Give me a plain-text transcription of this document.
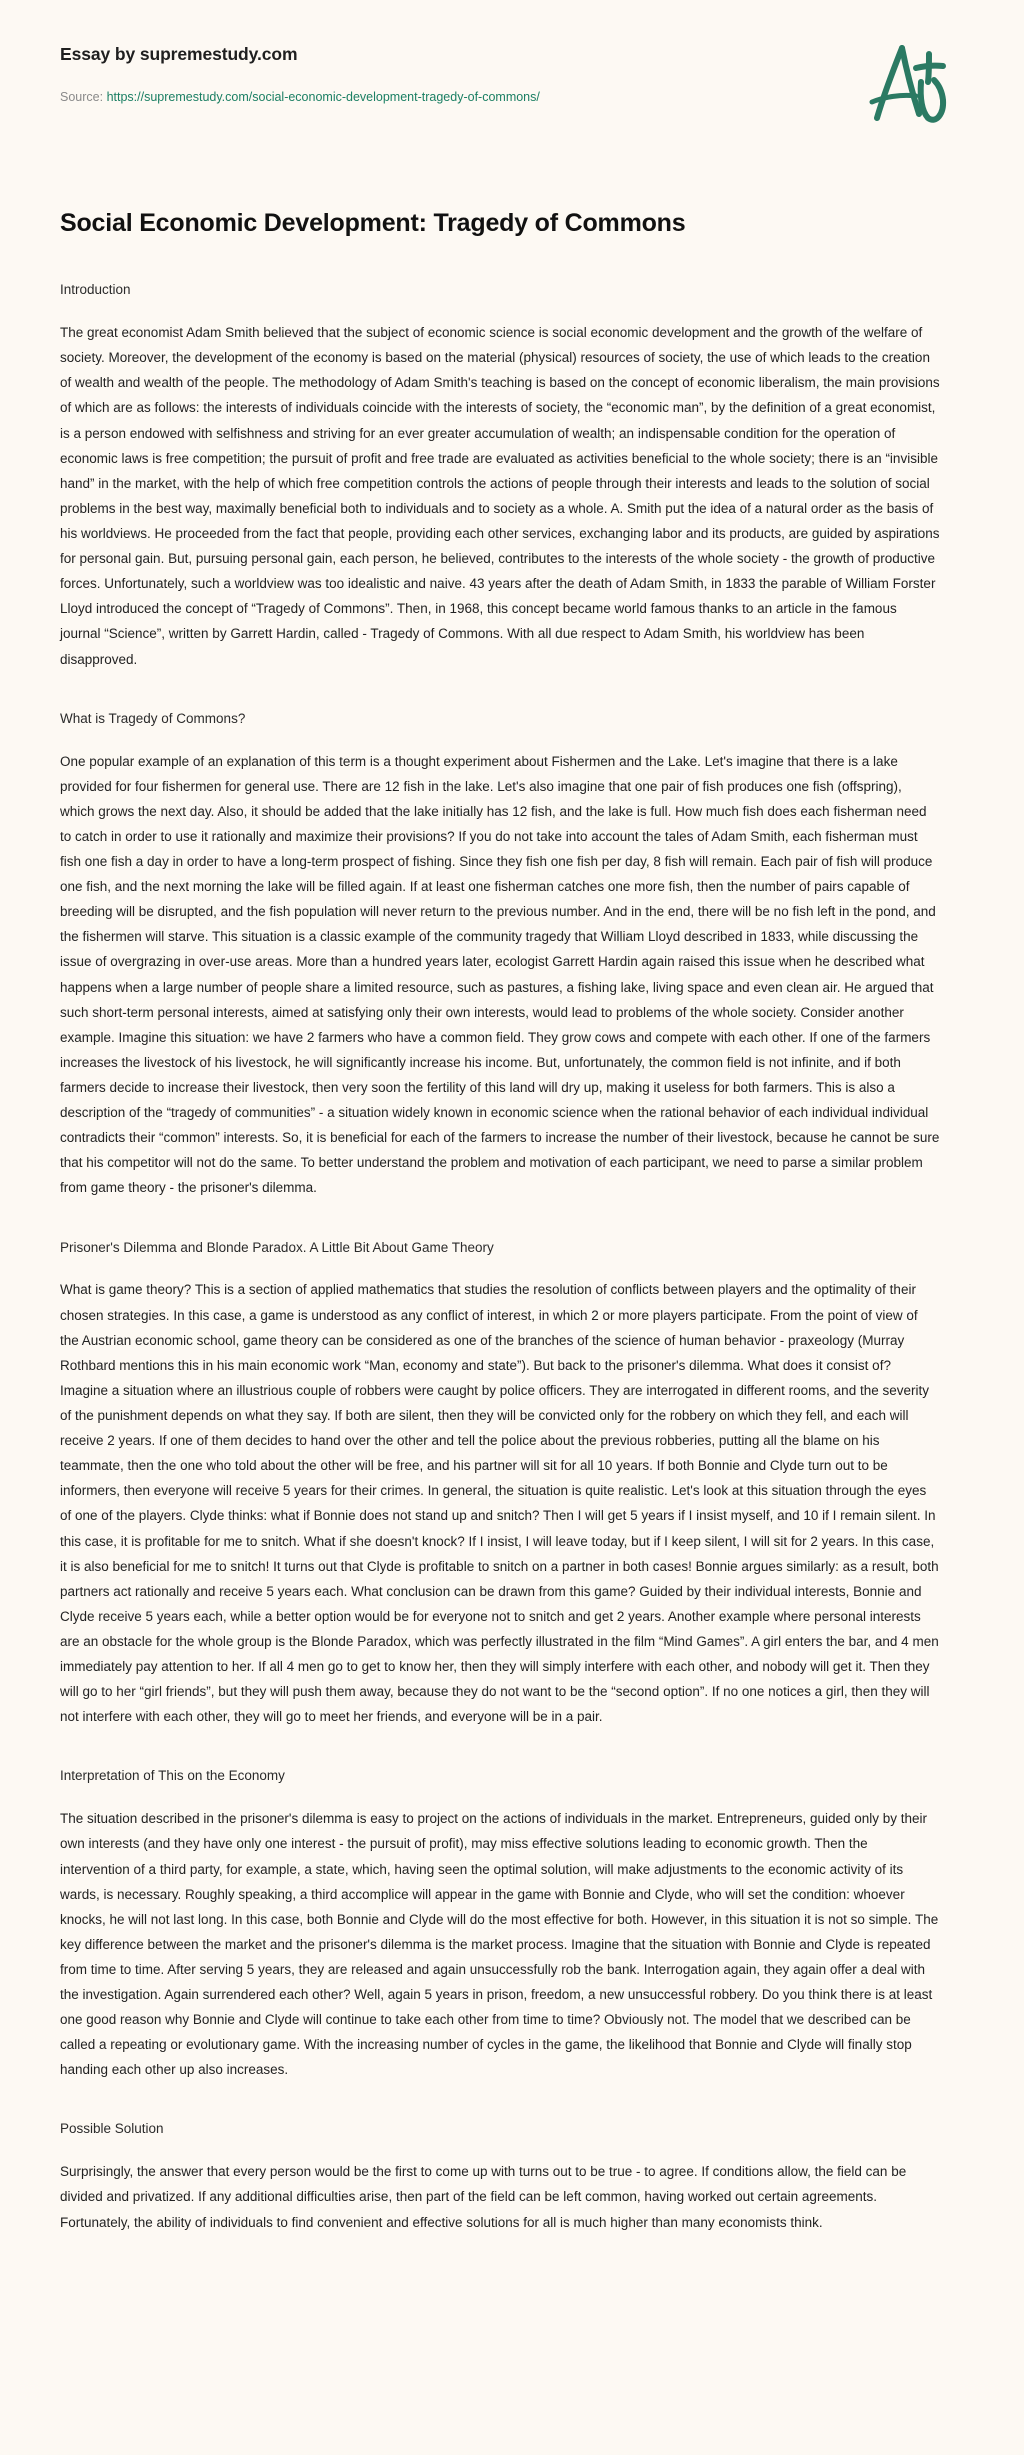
Essay by supremestudy.com
Source: https://supremestudy.com/social-economic-development-tragedy-of-commons/
Social Economic Development: Tragedy of Commons
Introduction

The great economist Adam Smith believed that the subject of economic science is social economic development and the growth of the welfare of society. Moreover, the development of the economy is based on the material (physical) resources of society, the use of which leads to the creation of wealth and wealth of the people. The methodology of Adam Smith's teaching is based on the concept of economic liberalism, the main provisions of which are as follows: the interests of individuals coincide with the interests of society, the “economic man”, by the definition of a great economist, is a person endowed with selfishness and striving for an ever greater accumulation of wealth; an indispensable condition for the operation of economic laws is free competition; the pursuit of profit and free trade are evaluated as activities beneficial to the whole society; there is an “invisible hand” in the market, with the help of which free competition controls the actions of people through their interests and leads to the solution of social problems in the best way, maximally beneficial both to individuals and to society as a whole. A. Smith put the idea of a natural order as the basis of his worldviews. He proceeded from the fact that people, providing each other services, exchanging labor and its products, are guided by aspirations for personal gain. But, pursuing personal gain, each person, he believed, contributes to the interests of the whole society - the growth of productive forces. Unfortunately, such a worldview was too idealistic and naive. 43 years after the death of Adam Smith, in 1833 the parable of William Forster Lloyd introduced the concept of “Tragedy of Commons”. Then, in 1968, this concept became world famous thanks to an article in the famous journal “Science”, written by Garrett Hardin, called - Tragedy of Commons. With all due respect to Adam Smith, his worldview has been disapproved.

What is Tragedy of Commons?

One popular example of an explanation of this term is a thought experiment about Fishermen and the Lake. Let's imagine that there is a lake provided for four fishermen for general use. There are 12 fish in the lake. Let's also imagine that one pair of fish produces one fish (offspring), which grows the next day. Also, it should be added that the lake initially has 12 fish, and the lake is full. How much fish does each fisherman need to catch in order to use it rationally and maximize their provisions? If you do not take into account the tales of Adam Smith, each fisherman must fish one fish a day in order to have a long-term prospect of fishing. Since they fish one fish per day, 8 fish will remain. Each pair of fish will produce one fish, and the next morning the lake will be filled again. If at least one fisherman catches one more fish, then the number of pairs capable of breeding will be disrupted, and the fish population will never return to the previous number. And in the end, there will be no fish left in the pond, and the fishermen will starve. This situation is a classic example of the community tragedy that William Lloyd described in 1833, while discussing the issue of overgrazing in over-use areas. More than a hundred years later, ecologist Garrett Hardin again raised this issue when he described what happens when a large number of people share a limited resource, such as pastures, a fishing lake, living space and even clean air. He argued that such short-term personal interests, aimed at satisfying only their own interests, would lead to problems of the whole society. Consider another example. Imagine this situation: we have 2 farmers who have a common field. They grow cows and compete with each other. If one of the farmers increases the livestock of his livestock, he will significantly increase his income. But, unfortunately, the common field is not infinite, and if both farmers decide to increase their livestock, then very soon the fertility of this land will dry up, making it useless for both farmers. This is also a description of the “tragedy of communities” - a situation widely known in economic science when the rational behavior of each individual individual contradicts their “common” interests. So, it is beneficial for each of the farmers to increase the number of their livestock, because he cannot be sure that his competitor will not do the same. To better understand the problem and motivation of each participant, we need to parse a similar problem from game theory - the prisoner's dilemma.

Prisoner's Dilemma and Blonde Paradox. A Little Bit About Game Theory

What is game theory? This is a section of applied mathematics that studies the resolution of conflicts between players and the optimality of their chosen strategies. In this case, a game is understood as any conflict of interest, in which 2 or more players participate. From the point of view of the Austrian economic school, game theory can be considered as one of the branches of the science of human behavior - praxeology (Murray Rothbard mentions this in his main economic work “Man, economy and state”). But back to the prisoner's dilemma. What does it consist of? Imagine a situation where an illustrious couple of robbers were caught by police officers. They are interrogated in different rooms, and the severity of the punishment depends on what they say. If both are silent, then they will be convicted only for the robbery on which they fell, and each will receive 2 years. If one of them decides to hand over the other and tell the police about the previous robberies, putting all the blame on his teammate, then the one who told about the other will be free, and his partner will sit for all 10 years. If both Bonnie and Clyde turn out to be informers, then everyone will receive 5 years for their crimes. In general, the situation is quite realistic. Let's look at this situation through the eyes of one of the players. Clyde thinks: what if Bonnie does not stand up and snitch? Then I will get 5 years if I insist myself, and 10 if I remain silent. In this case, it is profitable for me to snitch. What if she doesn't knock? If I insist, I will leave today, but if I keep silent, I will sit for 2 years. In this case, it is also beneficial for me to snitch! It turns out that Clyde is profitable to snitch on a partner in both cases! Bonnie argues similarly: as a result, both partners act rationally and receive 5 years each. What conclusion can be drawn from this game? Guided by their individual interests, Bonnie and Clyde receive 5 years each, while a better option would be for everyone not to snitch and get 2 years. Another example where personal interests are an obstacle for the whole group is the Blonde Paradox, which was perfectly illustrated in the film “Mind Games”. A girl enters the bar, and 4 men immediately pay attention to her. If all 4 men go to get to know her, then they will simply interfere with each other, and nobody will get it. Then they will go to her “girl friends”, but they will push them away, because they do not want to be the “second option”. If no one notices a girl, then they will not interfere with each other, they will go to meet her friends, and everyone will be in a pair.

Interpretation of This on the Economy

The situation described in the prisoner's dilemma is easy to project on the actions of individuals in the market. Entrepreneurs, guided only by their own interests (and they have only one interest - the pursuit of profit), may miss effective solutions leading to economic growth. Then the intervention of a third party, for example, a state, which, having seen the optimal solution, will make adjustments to the economic activity of its wards, is necessary. Roughly speaking, a third accomplice will appear in the game with Bonnie and Clyde, who will set the condition: whoever knocks, he will not last long. In this case, both Bonnie and Clyde will do the most effective for both. However, in this situation it is not so simple. The key difference between the market and the prisoner's dilemma is the market process. Imagine that the situation with Bonnie and Clyde is repeated from time to time. After serving 5 years, they are released and again unsuccessfully rob the bank. Interrogation again, they again offer a deal with the investigation. Again surrendered each other? Well, again 5 years in prison, freedom, a new unsuccessful robbery. Do you think there is at least one good reason why Bonnie and Clyde will continue to take each other from time to time? Obviously not. The model that we described can be called a repeating or evolutionary game. With the increasing number of cycles in the game, the likelihood that Bonnie and Clyde will finally stop handing each other up also increases.

Possible Solution

Surprisingly, the answer that every person would be the first to come up with turns out to be true - to agree. If conditions allow, the field can be divided and privatized. If any additional difficulties arise, then part of the field can be left common, having worked out certain agreements. Fortunately, the ability of individuals to find convenient and effective solutions for all is much higher than many economists think.
